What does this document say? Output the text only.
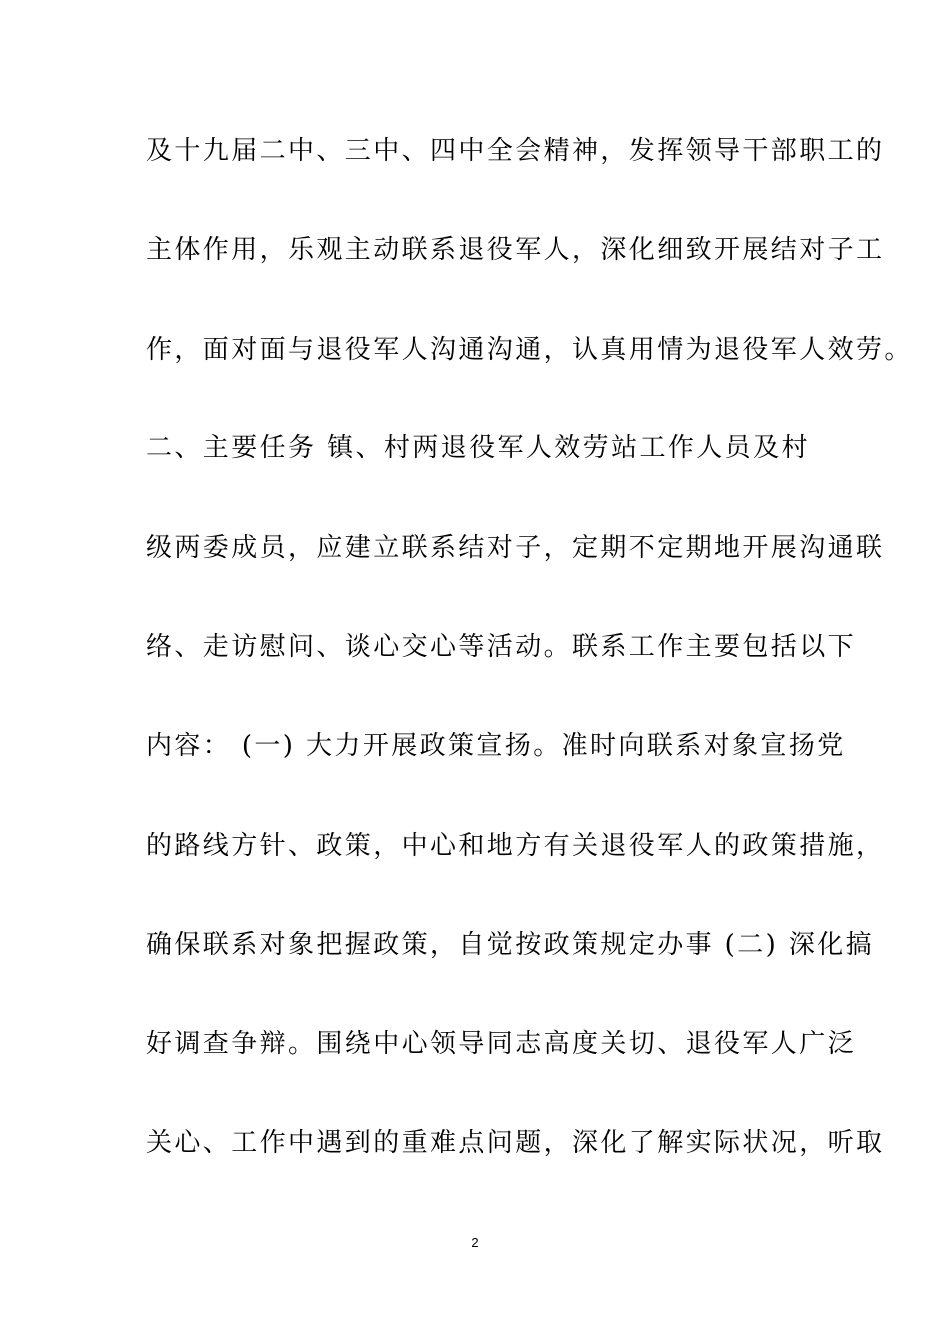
及十九届二中、三中、四中全会精神，发挥领导干部职工的
主体作用，乐观主动联系退役军人，深化细致开展结对子工
作，面对面与退役军人沟通沟通，认真用情为退役军人效劳。
二、主要任务 镇、村两退役军人效劳站工作人员及村
级两委成员，应建立联系结对子，定期不定期地开展沟通联
络、走访慰问、谈心交心等活动。联系工作主要包括以下
内容： (一) 大力开展政策宣扬。准时向联系对象宣扬党
的路线方针、政策，中心和地方有关退役军人的政策措施，
确保联系对象把握政策，自觉按政策规定办事 (二) 深化搞
好调查争辩。围绕中心领导同志高度关切、退役军人广泛
关心、工作中遇到的重难点问题，深化了解实际状况，听取
2
